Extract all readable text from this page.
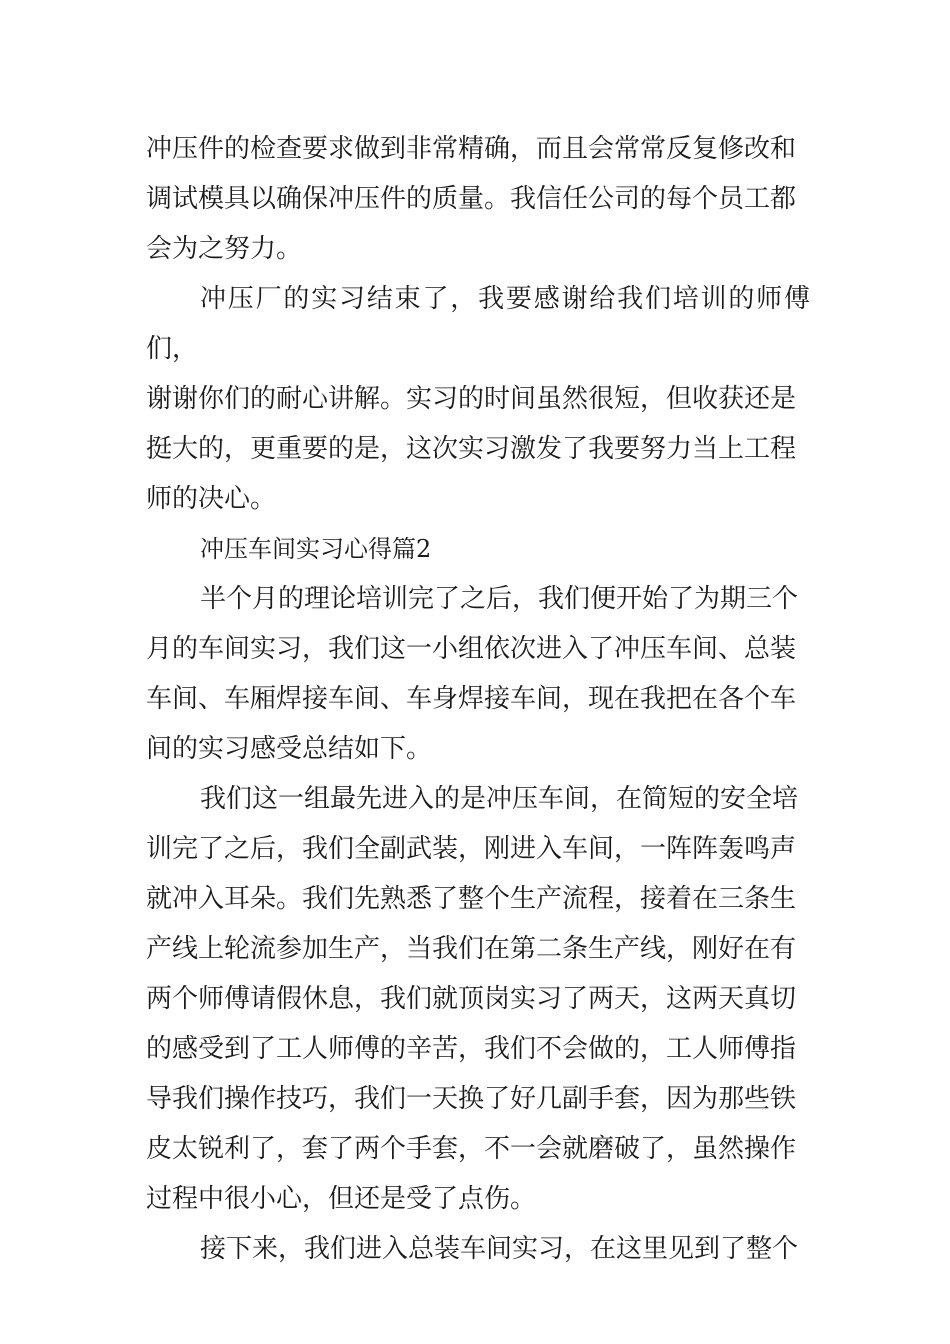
冲压件的检查要求做到非常精确，而且会常常反复修改和
调试模具以确保冲压件的质量。我信任公司的每个员工都
会为之努力。

冲压厂的实习结束了，我要感谢给我们培训的师傅们，
谢谢你们的耐心讲解。实习的时间虽然很短，但收获还是
挺大的，更重要的是，这次实习激发了我要努力当上工程
师的决心。

冲压车间实习心得篇2

半个月的理论培训完了之后，我们便开始了为期三个
月的车间实习，我们这一小组依次进入了冲压车间、总装
车间、车厢焊接车间、车身焊接车间，现在我把在各个车
间的实习感受总结如下。

我们这一组最先进入的是冲压车间，在简短的安全培
训完了之后，我们全副武装，刚进入车间，一阵阵轰鸣声
就冲入耳朵。我们先熟悉了整个生产流程，接着在三条生
产线上轮流参加生产，当我们在第二条生产线，刚好在有
两个师傅请假休息，我们就顶岗实习了两天，这两天真切
的感受到了工人师傅的辛苦，我们不会做的，工人师傅指
导我们操作技巧，我们一天换了好几副手套，因为那些铁
皮太锐利了，套了两个手套，不一会就磨破了，虽然操作
过程中很小心，但还是受了点伤。

接下来，我们进入总装车间实习，在这里见到了整个
